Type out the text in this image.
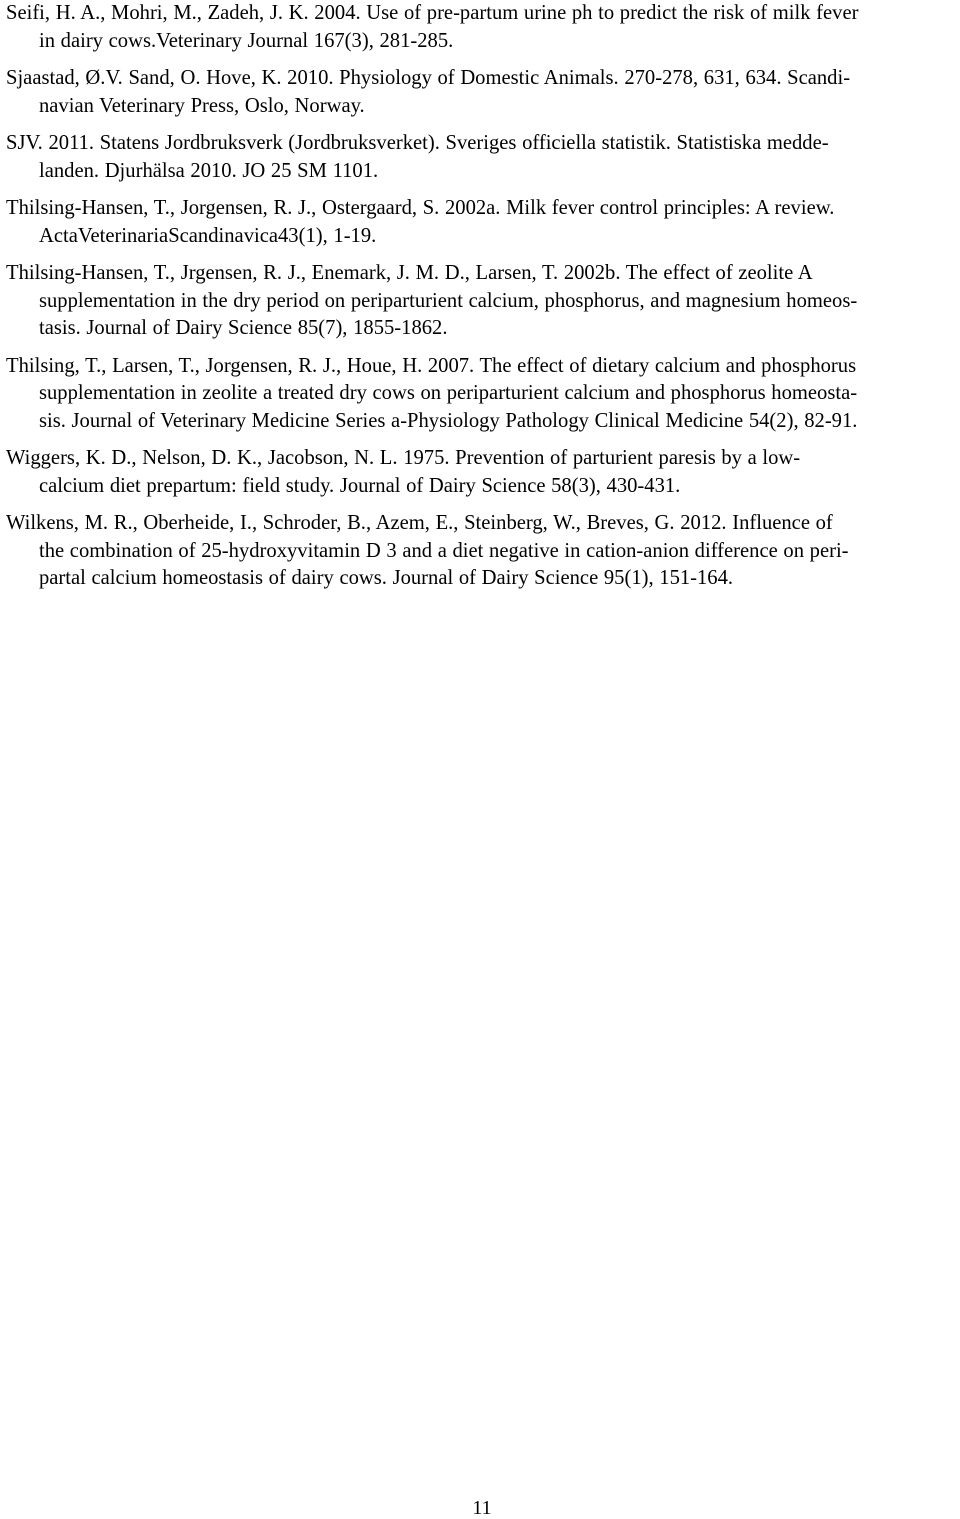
Seifi, H. A., Mohri, M., Zadeh, J. K. 2004. Use of pre-partum urine ph to predict the risk of milk fever
in dairy cows.Veterinary Journal 167(3), 281-285.
Sjaastad, Ø.V. Sand, O. Hove, K. 2010. Physiology of Domestic Animals. 270-278, 631, 634. Scandi-
navian Veterinary Press, Oslo, Norway.
SJV. 2011. Statens Jordbruksverk (Jordbruksverket). Sveriges officiella statistik. Statistiska medde-
landen. Djurhälsa 2010. JO 25 SM 1101.
Thilsing-Hansen, T., Jorgensen, R. J., Ostergaard, S. 2002a. Milk fever control principles: A review.
ActaVeterinariaScandinavica43(1), 1-19.
Thilsing-Hansen, T., Jrgensen, R. J., Enemark, J. M. D., Larsen, T. 2002b. The effect of zeolite A
supplementation in the dry period on periparturient calcium, phosphorus, and magnesium homeos-
tasis. Journal of Dairy Science 85(7), 1855-1862.
Thilsing, T., Larsen, T., Jorgensen, R. J., Houe, H. 2007. The effect of dietary calcium and phosphorus
supplementation in zeolite a treated dry cows on periparturient calcium and phosphorus homeosta-
sis. Journal of Veterinary Medicine Series a-Physiology Pathology Clinical Medicine 54(2), 82-91.
Wiggers, K. D., Nelson, D. K., Jacobson, N. L. 1975. Prevention of parturient paresis by a low-
calcium diet prepartum: field study. Journal of Dairy Science 58(3), 430-431.
Wilkens, M. R., Oberheide, I., Schroder, B., Azem, E., Steinberg, W., Breves, G. 2012. Influence of
the combination of 25-hydroxyvitamin D 3 and a diet negative in cation-anion difference on peri-
partal calcium homeostasis of dairy cows. Journal of Dairy Science 95(1), 151-164.
11
